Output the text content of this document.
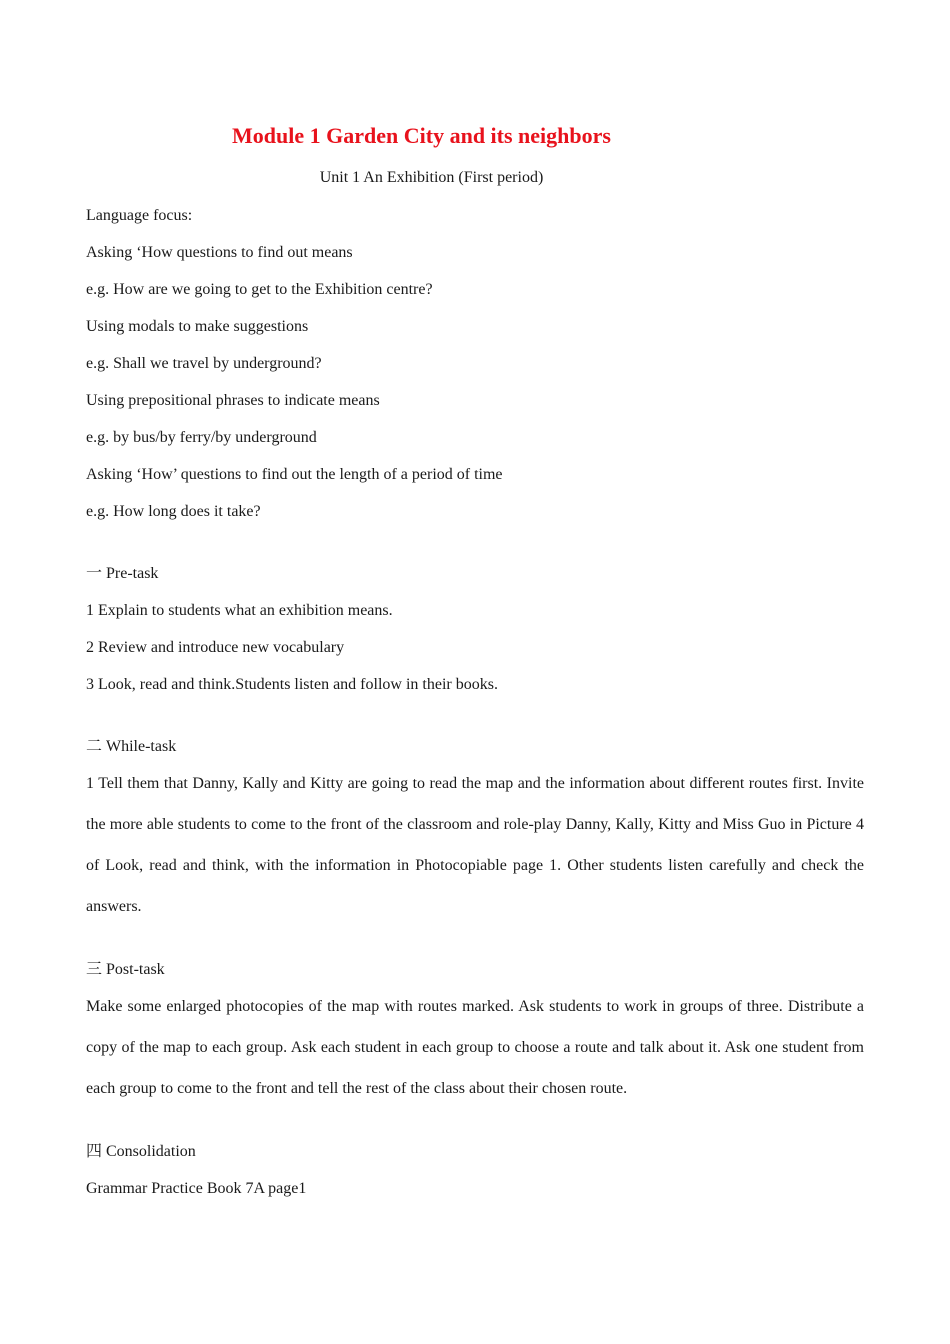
Module 1 Garden City and its neighbors
Unit 1 An Exhibition (First period)
Language focus:
Asking ‘How questions to find out means
e.g. How are we going to get to the Exhibition centre?
Using modals to make suggestions
e.g. Shall we travel by underground?
Using prepositional phrases to indicate means
e.g. by bus/by ferry/by underground
Asking ‘How’ questions to find out the length of a period of time
e.g. How long does it take?
一 Pre-task
1 Explain to students what an exhibition means.
2 Review and introduce new vocabulary
3 Look, read and think.Students listen and follow in their books.
二 While-task
1 Tell them that Danny, Kally and Kitty are going to read the map and the information about different routes first. Invite the more able students to come to the front of the classroom and role-play Danny, Kally, Kitty and Miss Guo in Picture 4 of Look, read and think, with the information in Photocopiable page 1. Other students listen carefully and check the answers.
三 Post-task
Make some enlarged photocopies of the map with routes marked. Ask students to work in groups of three. Distribute a copy of the map to each group. Ask each student in each group to choose a route and talk about it. Ask one student from each group to come to the front and tell the rest of the class about their chosen route.
四 Consolidation
Grammar Practice Book 7A page1
